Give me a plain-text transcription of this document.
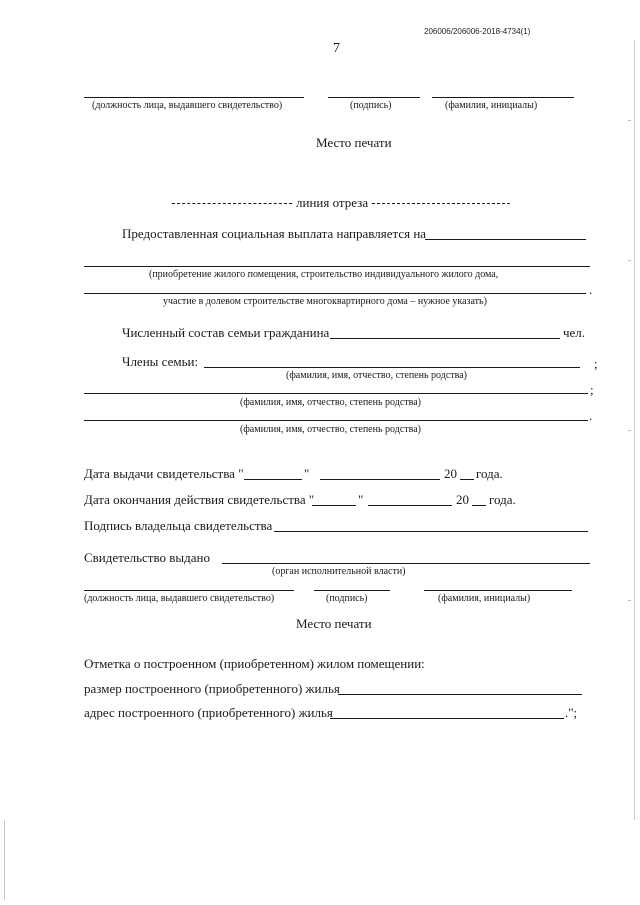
206006/206006-2018-4734(1)
7
(должность лица, выдавшего свидетельство)	(подпись)	(фамилия, инициалы)
Место печати
линия отреза
Предоставленная социальная выплата направляется на
(приобретение жилого помещения, строительство индивидуального жилого дома,
.
участие в долевом строительстве многоквартирного дома – нужное указать)
Численный состав семьи гражданина	чел.
Члены семьи:	;
(фамилия, имя, отчество, степень родства)
;
(фамилия, имя, отчество, степень родства)
.
(фамилия, имя, отчество, степень родства)
Дата выдачи свидетельства "	"	20 года.
Дата окончания действия свидетельства "	"	20 года.
Подпись владельца свидетельства
Свидетельство выдано
(орган исполнительной власти)
(должность лица, выдавшего свидетельство)	(подпись)	(фамилия, инициалы)
Место печати
Отметка о построенном (приобретенном) жилом помещении:
размер построенного (приобретенного) жилья
адрес построенного (приобретенного) жилья	.";
